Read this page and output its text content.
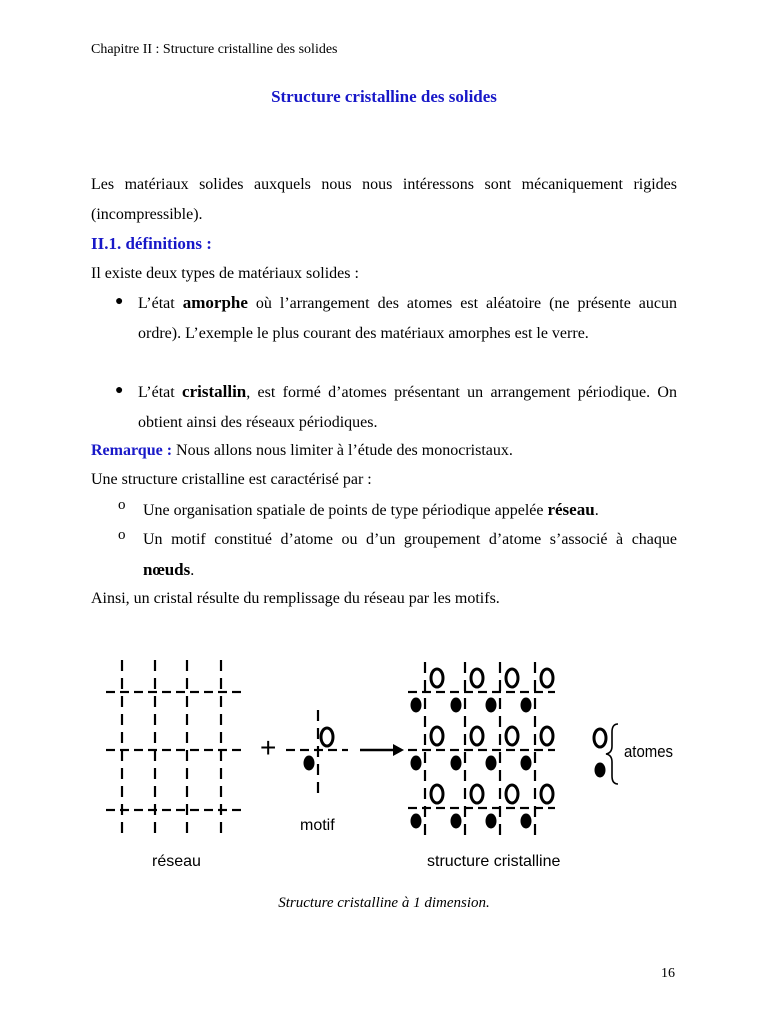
Chapitre II : Structure cristalline des solides
Structure cristalline des solides
Les matériaux solides auxquels nous nous intéressons sont mécaniquement rigides (incompressible).
II.1. définitions :
Il existe deux types de matériaux solides :
● L’état amorphe où l’arrangement des atomes est aléatoire (ne présente aucun ordre). L’exemple le plus courant des matériaux amorphes est le verre.
● L’état cristallin, est formé d’atomes présentant un arrangement périodique. On obtient ainsi des réseaux périodiques.
Remarque : Nous allons nous limiter à l’étude des monocristaux.
Une structure cristalline est caractérisé par :
o Une organisation spatiale de points de type périodique appelée réseau.
o Un motif constitué d’atome ou d’un groupement d’atome s’associé à chaque nœuds.
Ainsi, un cristal résulte du remplissage du réseau par les motifs.
+	atomes
réseau
motif
structure cristalline
Structure cristalline à 1 dimension.
16
